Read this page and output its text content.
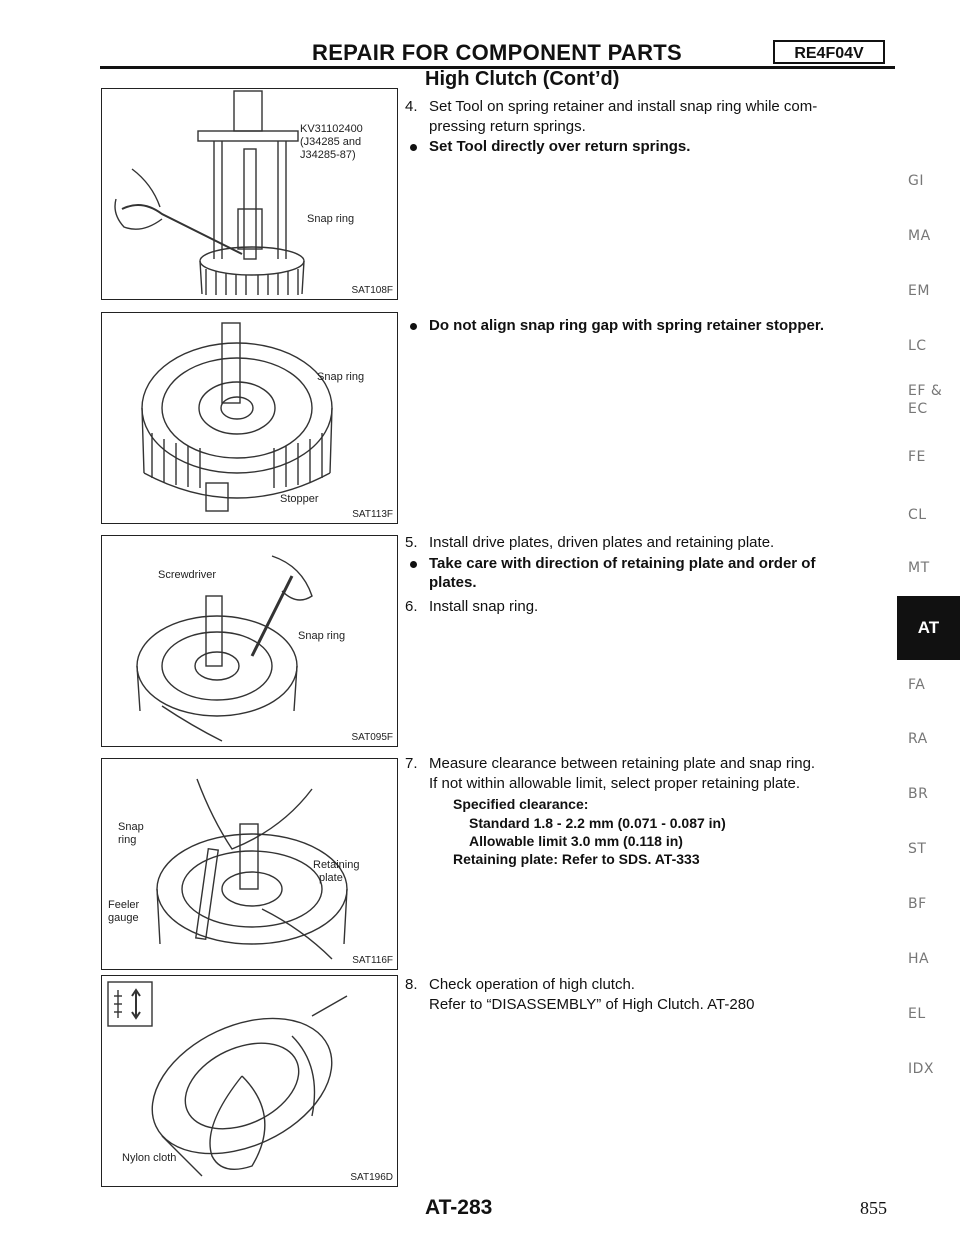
REPAIR FOR COMPONENT PARTS	RE4F04V
High Clutch (Cont’d)
KV31102400
(J34285 and
J34285-87)
Snap ring
SAT108F
Snap ring
Stopper
SAT113F
Screwdriver
Snap ring
SAT095F
Snap
ring
Retaining
plate
Feeler
gauge
SAT116F
Nylon cloth
SAT196D
4. Set Tool on spring retainer and install snap ring while com-
pressing return springs.
Set Tool directly over return springs.
Do not align snap ring gap with spring retainer stopper.
5. Install drive plates, driven plates and retaining plate.
Take care with direction of retaining plate and order of
plates.
6. Install snap ring.
7. Measure clearance between retaining plate and snap ring.
If not within allowable limit, select proper retaining plate.
Specified clearance:
Standard 1.8 - 2.2 mm (0.071 - 0.087 in)
Allowable limit 3.0 mm (0.118 in)
Retaining plate: Refer to SDS. AT-333
8. Check operation of high clutch.
Refer to “DISASSEMBLY” of High Clutch. AT-280
GI
MA
EM
LC
EF &
EC
FE
CL
MT
AT
FA
RA
BR
ST
BF
HA
EL
IDX
AT-283	855
